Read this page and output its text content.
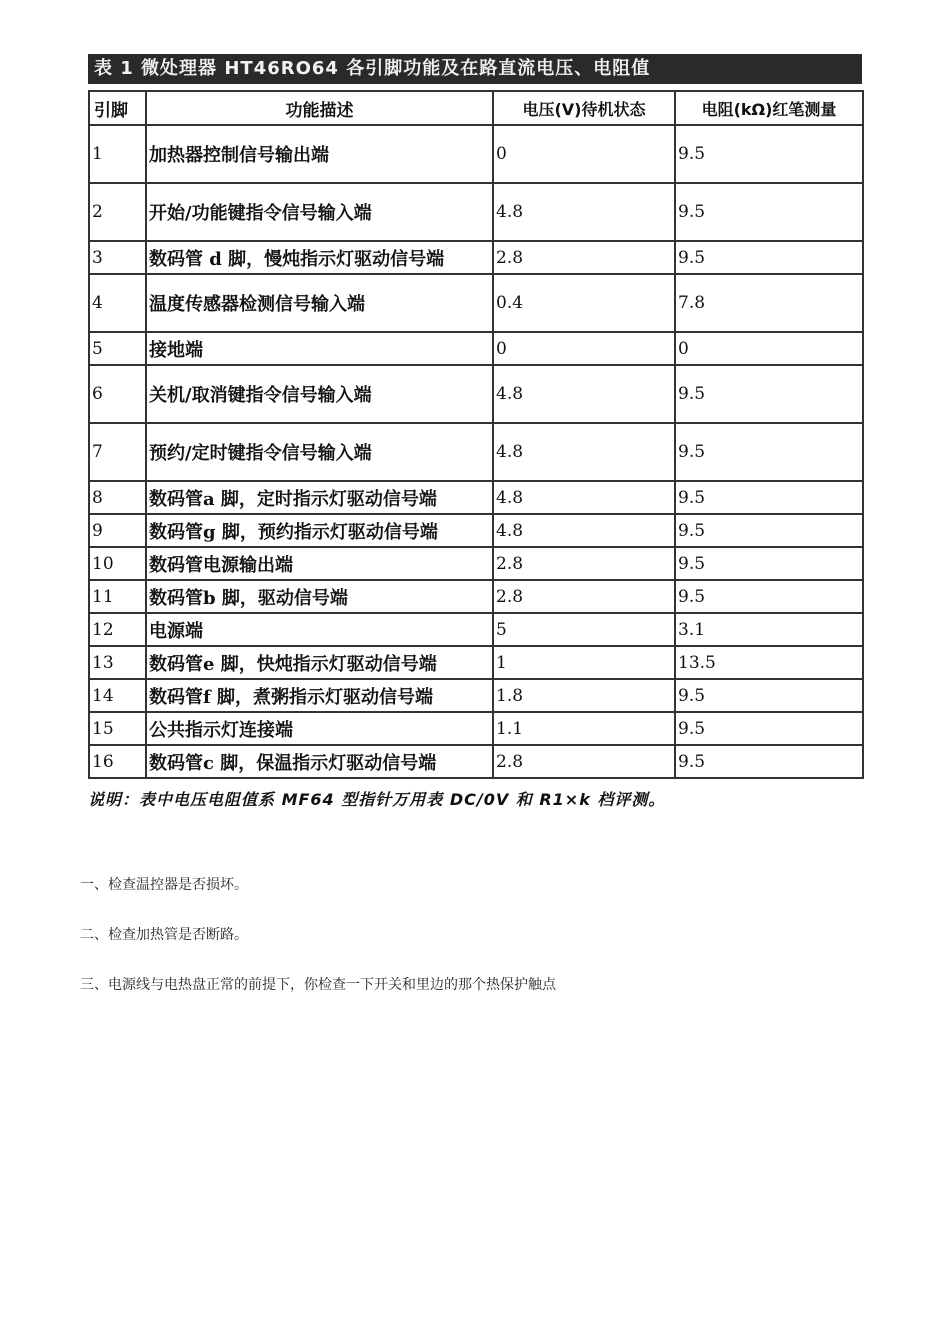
表 1 微处理器 HT46RO64 各引脚功能及在路直流电压、电阻值
引脚	功能描述	电压(V)待机状态	电阻(kΩ)红笔测量
1	加热器控制信号输出端	0	9.5
2	开始/功能键指令信号输入端	4.8	9.5
3	数码管 d 脚，慢炖指示灯驱动信号端	2.8	9.5
4	温度传感器检测信号输入端	0.4	7.8
5	接地端	0	0
6	关机/取消键指令信号输入端	4.8	9.5
7	预约/定时键指令信号输入端	4.8	9.5
8	数码管a 脚，定时指示灯驱动信号端	4.8	9.5
9	数码管g 脚，预约指示灯驱动信号端	4.8	9.5
10	数码管电源输出端	2.8	9.5
11	数码管b 脚，驱动信号端	2.8	9.5
12	电源端	5	3.1
13	数码管e 脚，快炖指示灯驱动信号端	1	13.5
14	数码管f 脚，煮粥指示灯驱动信号端	1.8	9.5
15	公共指示灯连接端	1.1	9.5
16	数码管c 脚，保温指示灯驱动信号端	2.8	9.5
说明：表中电压电阻值系 MF64 型指针万用表 DC/0V 和 R1×k 档评测。
一、检查温控器是否损坏。
二、检查加热管是否断路。
三、电源线与电热盘正常的前提下，你检查一下开关和里边的那个热保护触点
